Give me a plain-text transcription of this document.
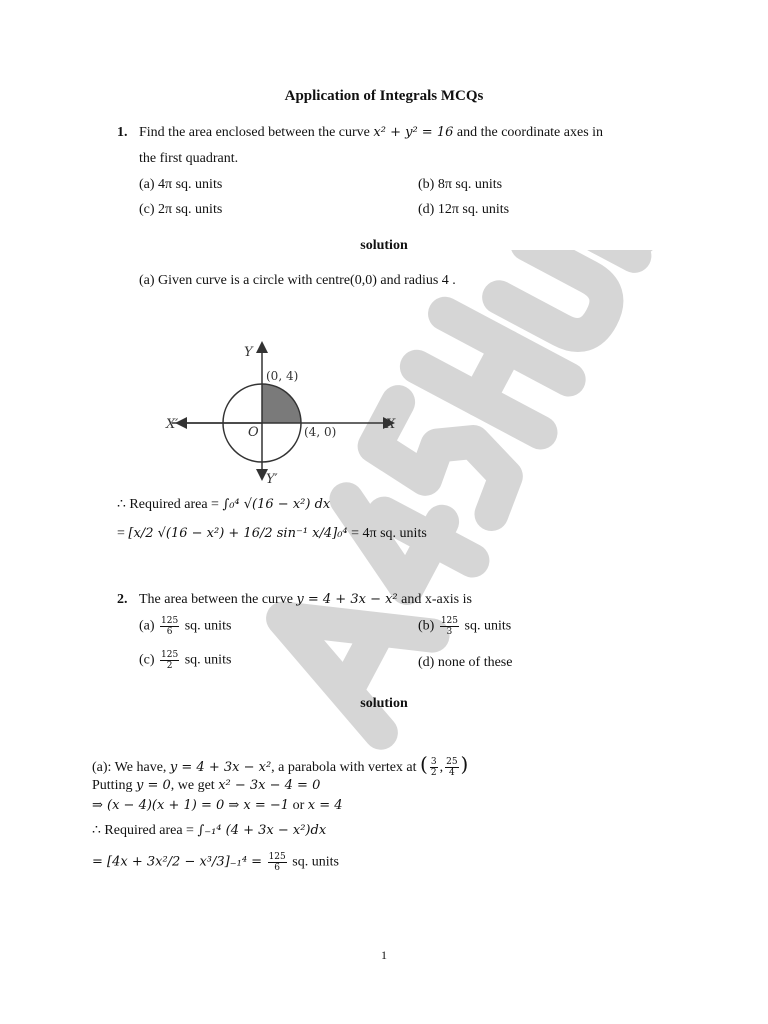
Application of Integrals MCQs
1. Find the area enclosed between the curve x² + y² = 16 and the coordinate axes in
the first quadrant.
(a) 4π sq. units	(b) 8π sq. units
(c) 2π sq. units	(d) 12π sq. units
solution
(a) Given curve is a circle with centre(0,0) and radius 4 .
Y
Y′
X
X′
O
(0, 4)
(4, 0)
∴ Required area = ∫₀⁴ √(16 − x²) dx
= [x/2 √(16 − x²) + 16/2 sin⁻¹ x/4]₀⁴ = 4π sq. units
2. The area between the curve y = 4 + 3x − x² and x-axis is
$(a) \frac{125}{6}$ sq. units	$(b) \frac{125}{3}$ sq. units
$(c) \frac{125}{2}$ sq. units	(d) none of these
solution
(a): We have, y = 4 + 3x − x², a parabola with vertex at ( $\frac{3}{2}$ , $\frac{25}{4}$ )
Putting y = 0, we get x² − 3x − 4 = 0
⇒ (x − 4)(x + 1) = 0 ⇒ x = −1 or x = 4
∴ Required area = ∫₋₁⁴ (4 + 3x − x²)dx
= $[4x + 3x^2/2 - x^3/3]_{-1}^4 = \frac{125}{6}$ sq. units
1
